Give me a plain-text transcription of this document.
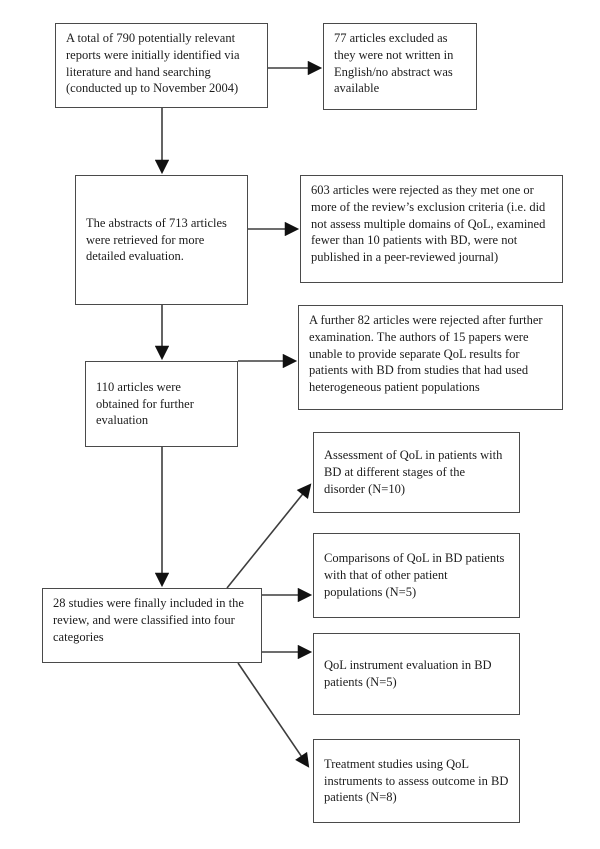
A total of 790 potentially relevant reports were initially identified via literature and hand searching (conducted up to November 2004)
77 articles excluded as they were not written in English/no abstract was available
The abstracts of 713 articles were retrieved for more detailed evaluation.
603 articles were rejected as they met one or more of the review’s exclusion criteria (i.e. did not assess multiple domains of QoL, examined fewer than 10 patients with BD, were not published in a peer-reviewed journal)
A further 82 articles were rejected after further examination. The authors of 15 papers were unable to provide separate QoL results for patients with BD from studies that had used heterogeneous patient populations
110 articles were obtained for further evaluation
28 studies were finally included in the review, and were classified into four categories
Assessment of QoL in patients with BD at different stages of the disorder (N=10)
Comparisons of QoL in BD patients with that of other patient populations (N=5)
QoL instrument evaluation in BD patients (N=5)
Treatment studies using QoL instruments to assess outcome in BD patients (N=8)
